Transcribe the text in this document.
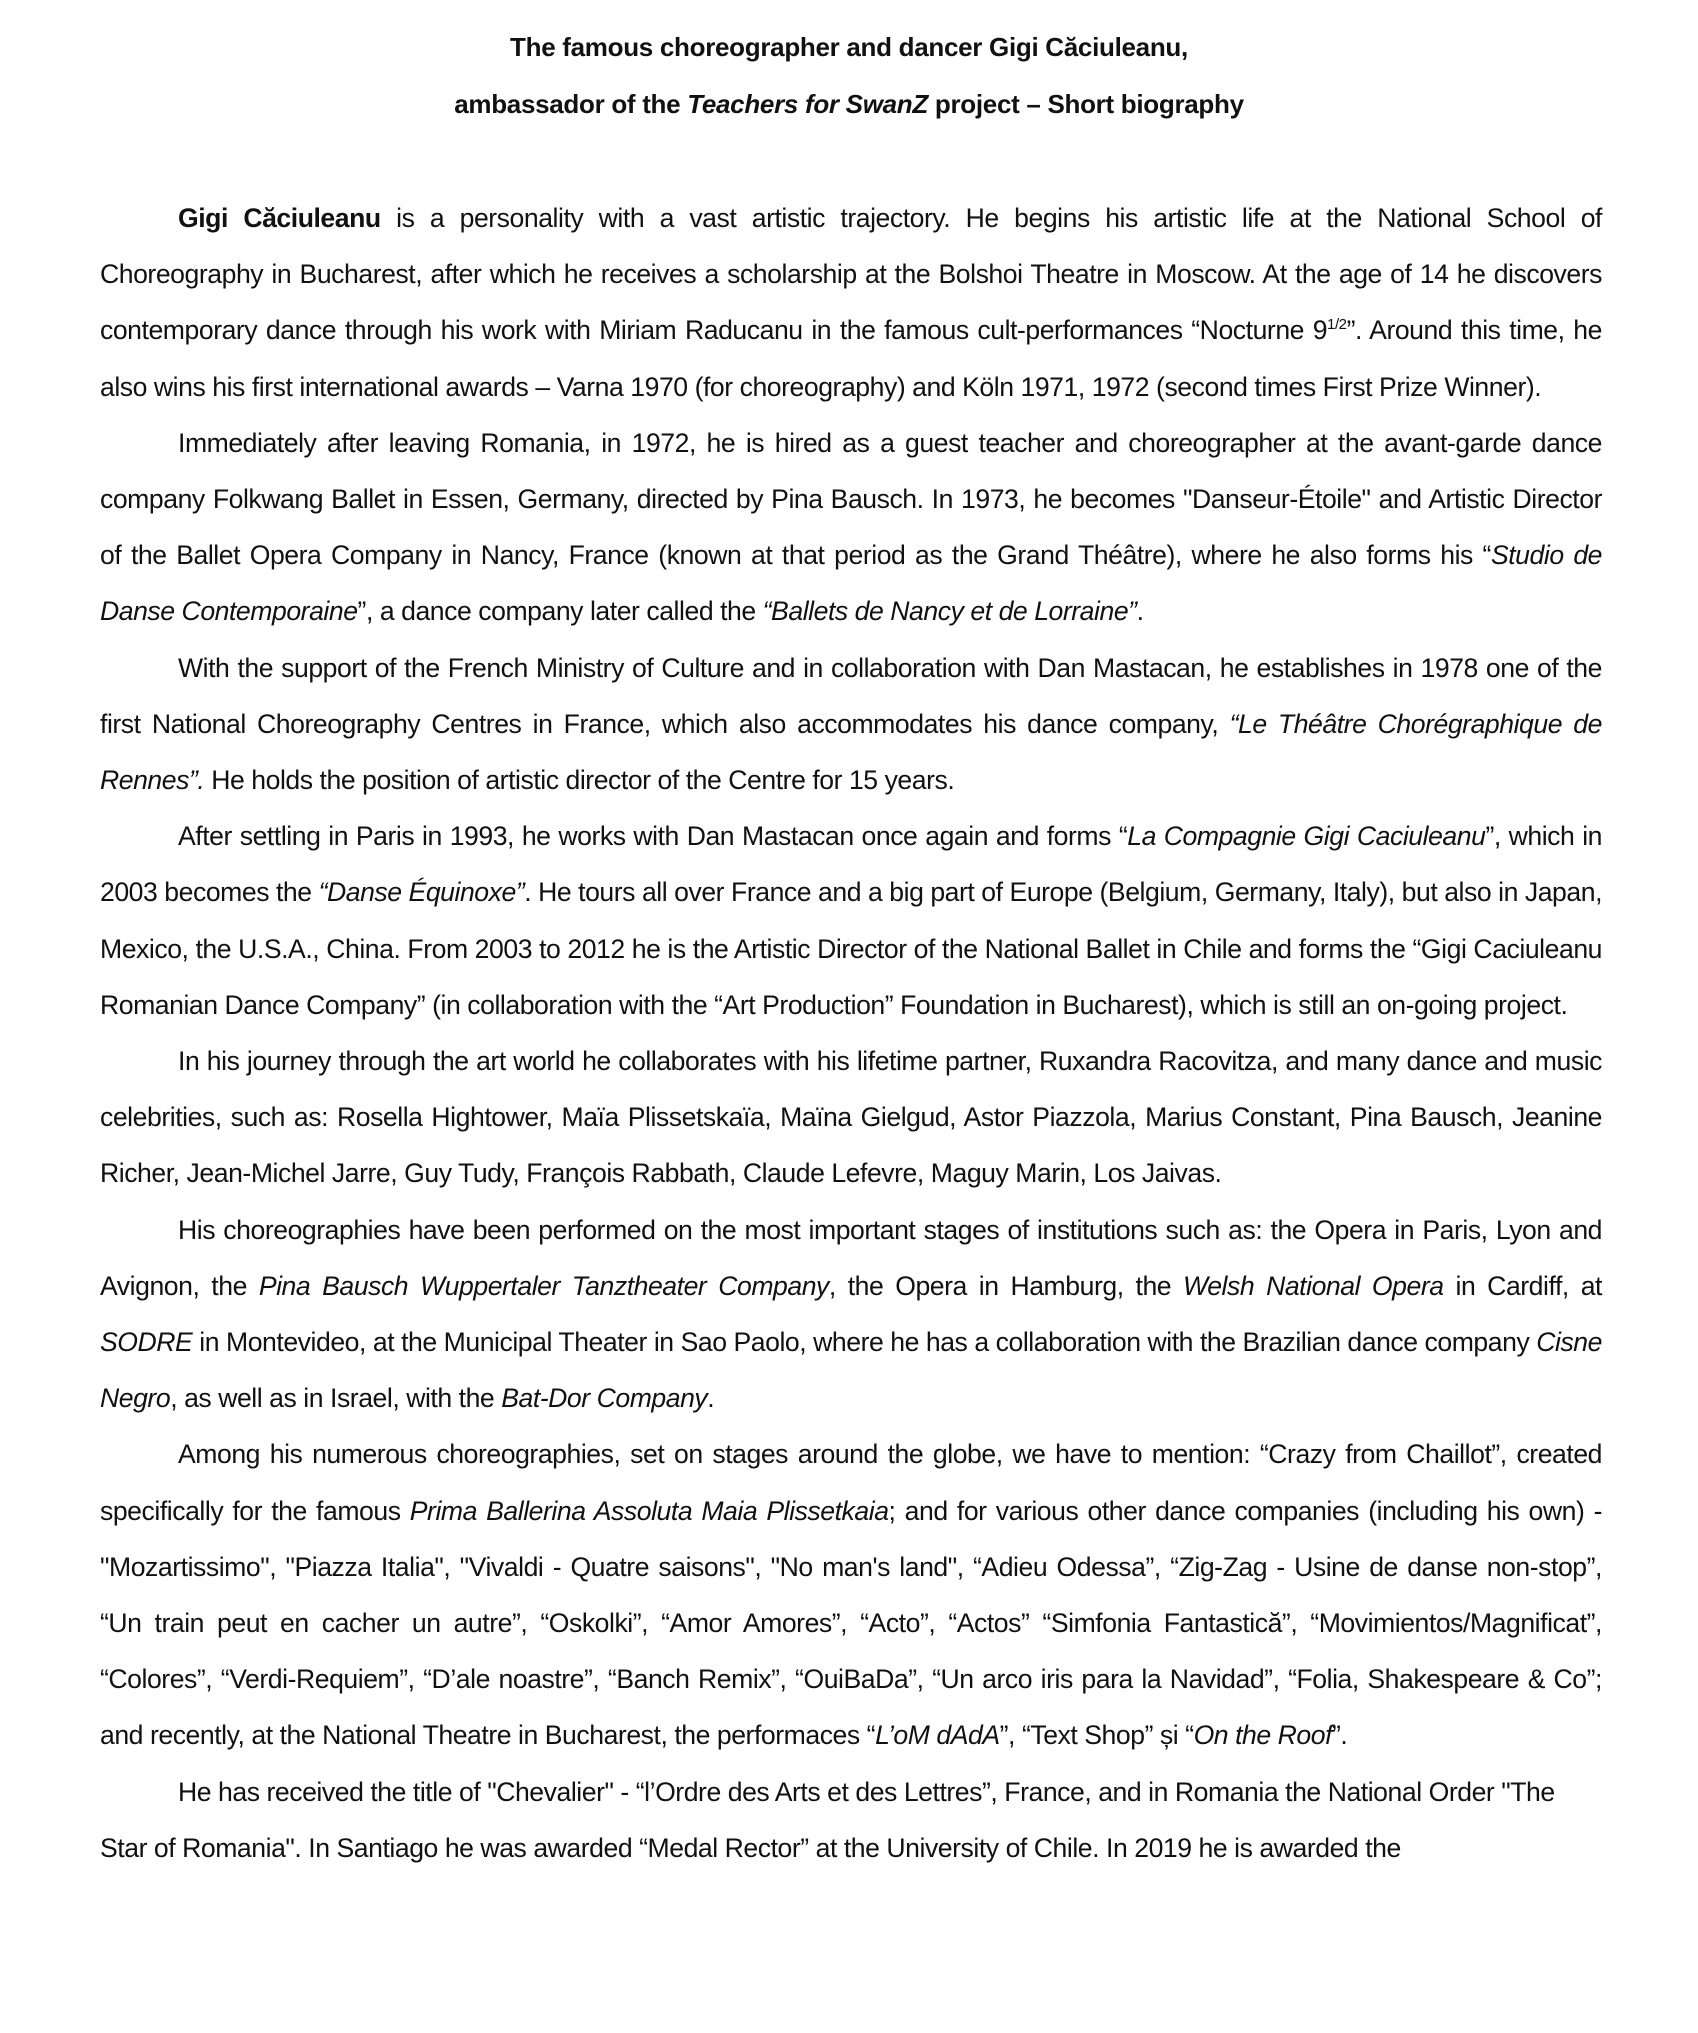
The famous choreographer and dancer Gigi Căciuleanu,
ambassador of the Teachers for SwanZ project – Short biography

Gigi Căciuleanu is a personality with a vast artistic trajectory. He begins his artistic life at the National School of Choreography in Bucharest, after which he receives a scholarship at the Bolshoi Theatre in Moscow. At the age of 14 he discovers contemporary dance through his work with Miriam Raducanu in the famous cult-performances “Nocturne $9^{1/2}$”. Around this time, he also wins his first international awards – Varna 1970 (for choreography) and Köln 1971, 1972 (second times First Prize Winner).

Immediately after leaving Romania, in 1972, he is hired as a guest teacher and choreographer at the avant-garde dance company Folkwang Ballet in Essen, Germany, directed by Pina Bausch. In 1973, he becomes "Danseur-Étoile" and Artistic Director of the Ballet Opera Company in Nancy, France (known at that period as the Grand Théâtre), where he also forms his “Studio de Danse Contemporaine”, a dance company later called the “Ballets de Nancy et de Lorraine”.

With the support of the French Ministry of Culture and in collaboration with Dan Mastacan, he establishes in 1978 one of the first National Choreography Centres in France, which also accommodates his dance company, “Le Théâtre Chorégraphique de Rennes”. He holds the position of artistic director of the Centre for 15 years.

After settling in Paris in 1993, he works with Dan Mastacan once again and forms “La Compagnie Gigi Caciuleanu”, which in 2003 becomes the “Danse Équinoxe”. He tours all over France and a big part of Europe (Belgium, Germany, Italy), but also in Japan, Mexico, the U.S.A., China. From 2003 to 2012 he is the Artistic Director of the National Ballet in Chile and forms the “Gigi Caciuleanu Romanian Dance Company” (in collaboration with the “Art Production” Foundation in Bucharest), which is still an on-going project.

In his journey through the art world he collaborates with his lifetime partner, Ruxandra Racovitza, and many dance and music celebrities, such as: Rosella Hightower, Maïa Plissetskaïa, Maïna Gielgud, Astor Piazzola, Marius Constant, Pina Bausch, Jeanine Richer, Jean-Michel Jarre, Guy Tudy, François Rabbath, Claude Lefevre, Maguy Marin, Los Jaivas.

His choreographies have been performed on the most important stages of institutions such as: the Opera in Paris, Lyon and Avignon, the Pina Bausch Wuppertaler Tanztheater Company, the Opera in Hamburg, the Welsh National Opera in Cardiff, at SODRE in Montevideo, at the Municipal Theater in Sao Paolo, where he has a collaboration with the Brazilian dance company Cisne Negro, as well as in Israel, with the Bat-Dor Company.

Among his numerous choreographies, set on stages around the globe, we have to mention: “Crazy from Chaillot”, created specifically for the famous Prima Ballerina Assoluta Maia Plissetkaia; and for various other dance companies (including his own) - "Mozartissimo", "Piazza Italia", "Vivaldi - Quatre saisons", "No man's land", “Adieu Odessa”, “Zig-Zag - Usine de danse non-stop”, “Un train peut en cacher un autre”, “Oskolki”, “Amor Amores”, “Acto”, “Actos” “Simfonia Fantastică”, “Movimientos/Magnificat”, “Colores”, “Verdi-Requiem”, “D’ale noastre”, “Banch Remix”, “OuiBaDa”, “Un arco iris para la Navidad”, “Folia, Shakespeare & Co”; and recently, at the National Theatre in Bucharest, the performaces “L’oM dAdA”, “Text Shop” și “On the Roof”.

He has received the title of "Chevalier" - “l’Ordre des Arts et des Lettres”, France, and in Romania the National Order "The Star of Romania". In Santiago he was awarded “Medal Rector” at the University of Chile. In 2019 he is awarded the
